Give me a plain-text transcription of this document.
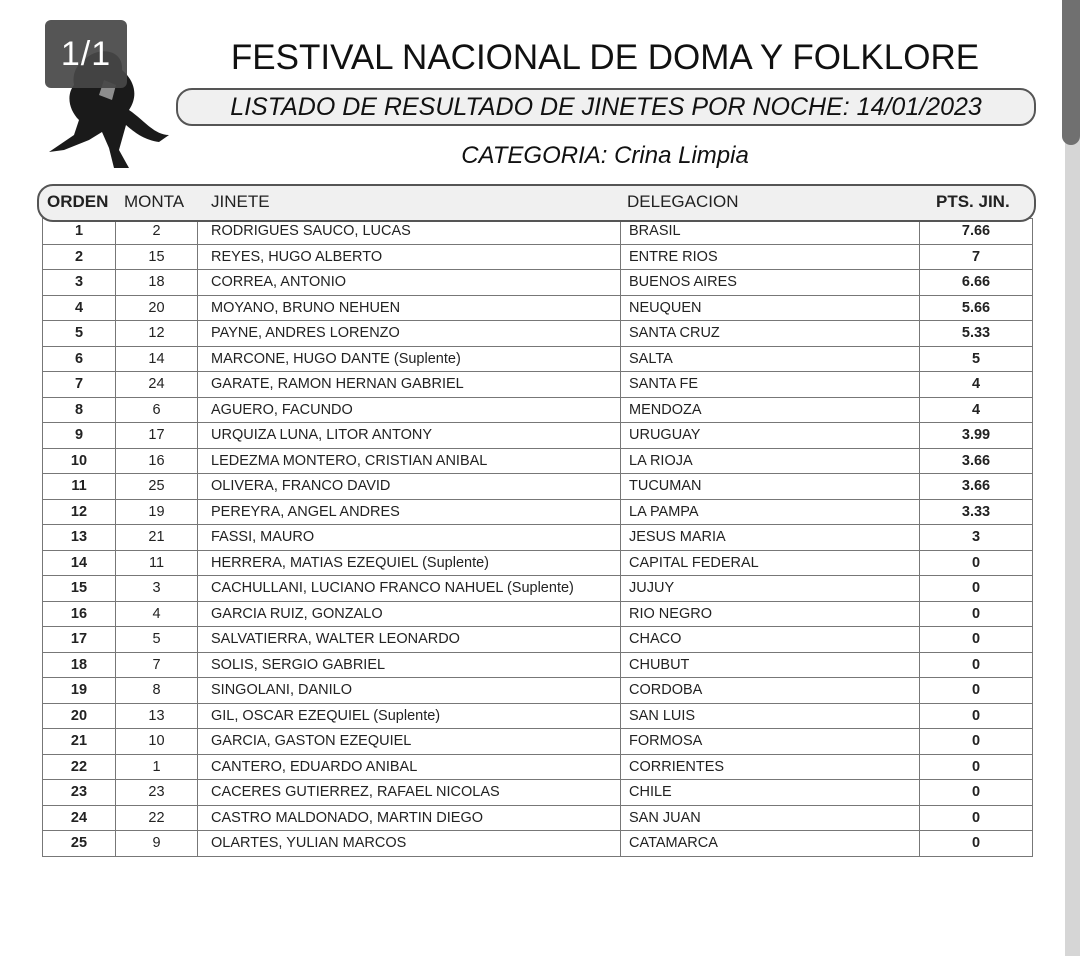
1/1	FESTIVAL NACIONAL DE DOMA Y FOLKLORE
LISTADO DE RESULTADO DE JINETES POR NOCHE: 14/01/2023
CATEGORIA: Crina Limpia
ORDEN MONTA JINETE	DELEGACION	PTS. JIN.
1	2	RODRIGUES SAUCO, LUCAS	BRASIL	7.66
2	15	REYES, HUGO ALBERTO	ENTRE RIOS	7
3	18	CORREA, ANTONIO	BUENOS AIRES	6.66
4	20	MOYANO, BRUNO NEHUEN	NEUQUEN	5.66
5	12	PAYNE, ANDRES LORENZO	SANTA CRUZ	5.33
6	14	MARCONE, HUGO DANTE (Suplente)	SALTA	5
7	24	GARATE, RAMON HERNAN GABRIEL	SANTA FE	4
8	6	AGUERO, FACUNDO	MENDOZA	4
9	17	URQUIZA LUNA, LITOR ANTONY	URUGUAY	3.99
10	16	LEDEZMA MONTERO, CRISTIAN ANIBAL	LA RIOJA	3.66
11	25	OLIVERA, FRANCO DAVID	TUCUMAN	3.66
12	19	PEREYRA, ANGEL ANDRES	LA PAMPA	3.33
13	21	FASSI, MAURO	JESUS MARIA	3
14	11	HERRERA, MATIAS EZEQUIEL (Suplente)	CAPITAL FEDERAL	0
15	3	CACHULLANI, LUCIANO FRANCO NAHUEL (Suplente)	JUJUY	0
16	4	GARCIA RUIZ, GONZALO	RIO NEGRO	0
17	5	SALVATIERRA, WALTER LEONARDO	CHACO	0
18	7	SOLIS, SERGIO GABRIEL	CHUBUT	0
19	8	SINGOLANI, DANILO	CORDOBA	0
20	13	GIL, OSCAR EZEQUIEL (Suplente)	SAN LUIS	0
21	10	GARCIA, GASTON EZEQUIEL	FORMOSA	0
22	1	CANTERO, EDUARDO ANIBAL	CORRIENTES	0
23	23	CACERES GUTIERREZ, RAFAEL NICOLAS	CHILE	0
24	22	CASTRO MALDONADO, MARTIN DIEGO	SAN JUAN	0
25	9	OLARTES, YULIAN MARCOS	CATAMARCA	0
